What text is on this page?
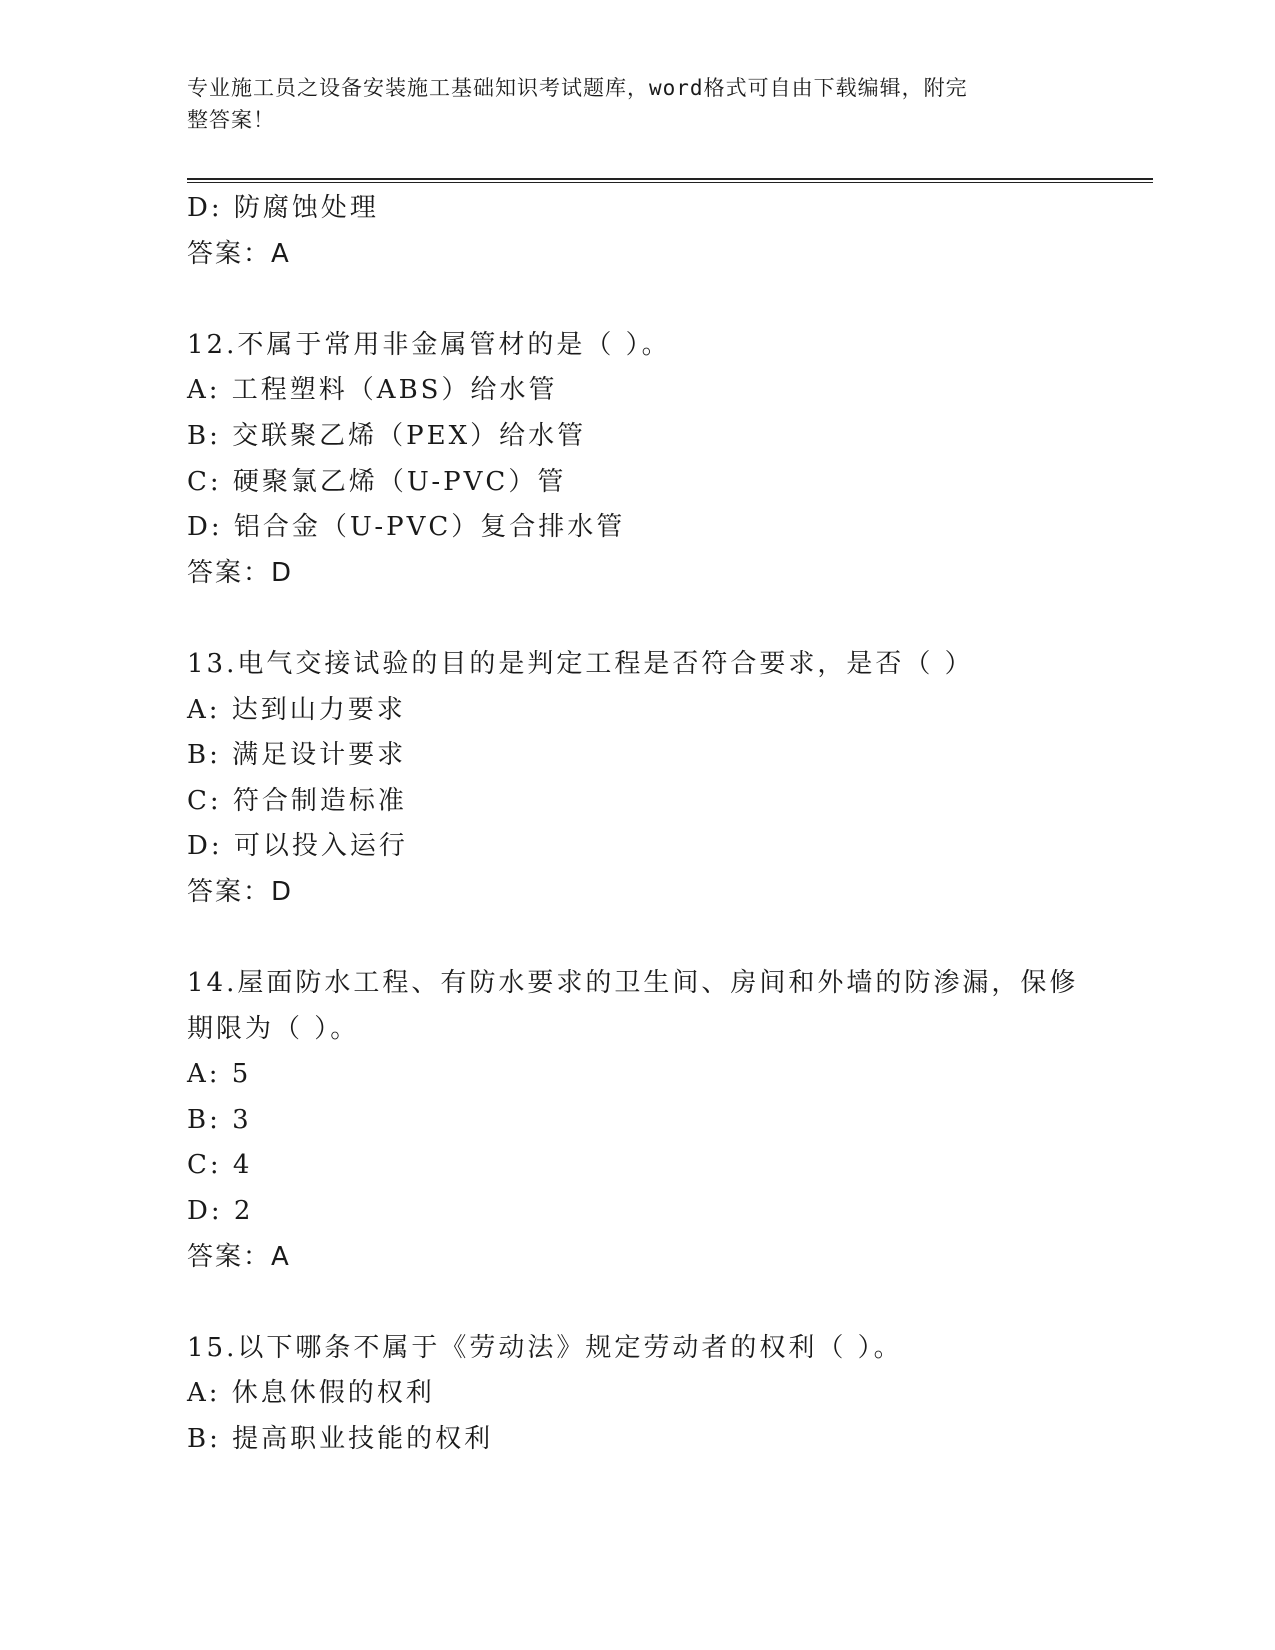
专业施工员之设备安装施工基础知识考试题库，word格式可自由下载编辑，附完
整答案！
D: 防腐蚀处理
答案：A
12.不属于常用非金属管材的是（ ）。
A: 工程塑料（ABS）给水管
B: 交联聚乙烯（PEX）给水管
C: 硬聚氯乙烯（U-PVC）管
D: 铝合金（U-PVC）复合排水管
答案：D
13.电气交接试验的目的是判定工程是否符合要求，是否（ ）
A: 达到山力要求
B: 满足设计要求
C: 符合制造标准
D: 可以投入运行
答案：D
14.屋面防水工程、有防水要求的卫生间、房间和外墙的防渗漏，保修
期限为（ ）。
A: 5
B: 3
C: 4
D: 2
答案：A
15.以下哪条不属于《劳动法》规定劳动者的权利（ ）。
A: 休息休假的权利
B: 提高职业技能的权利
